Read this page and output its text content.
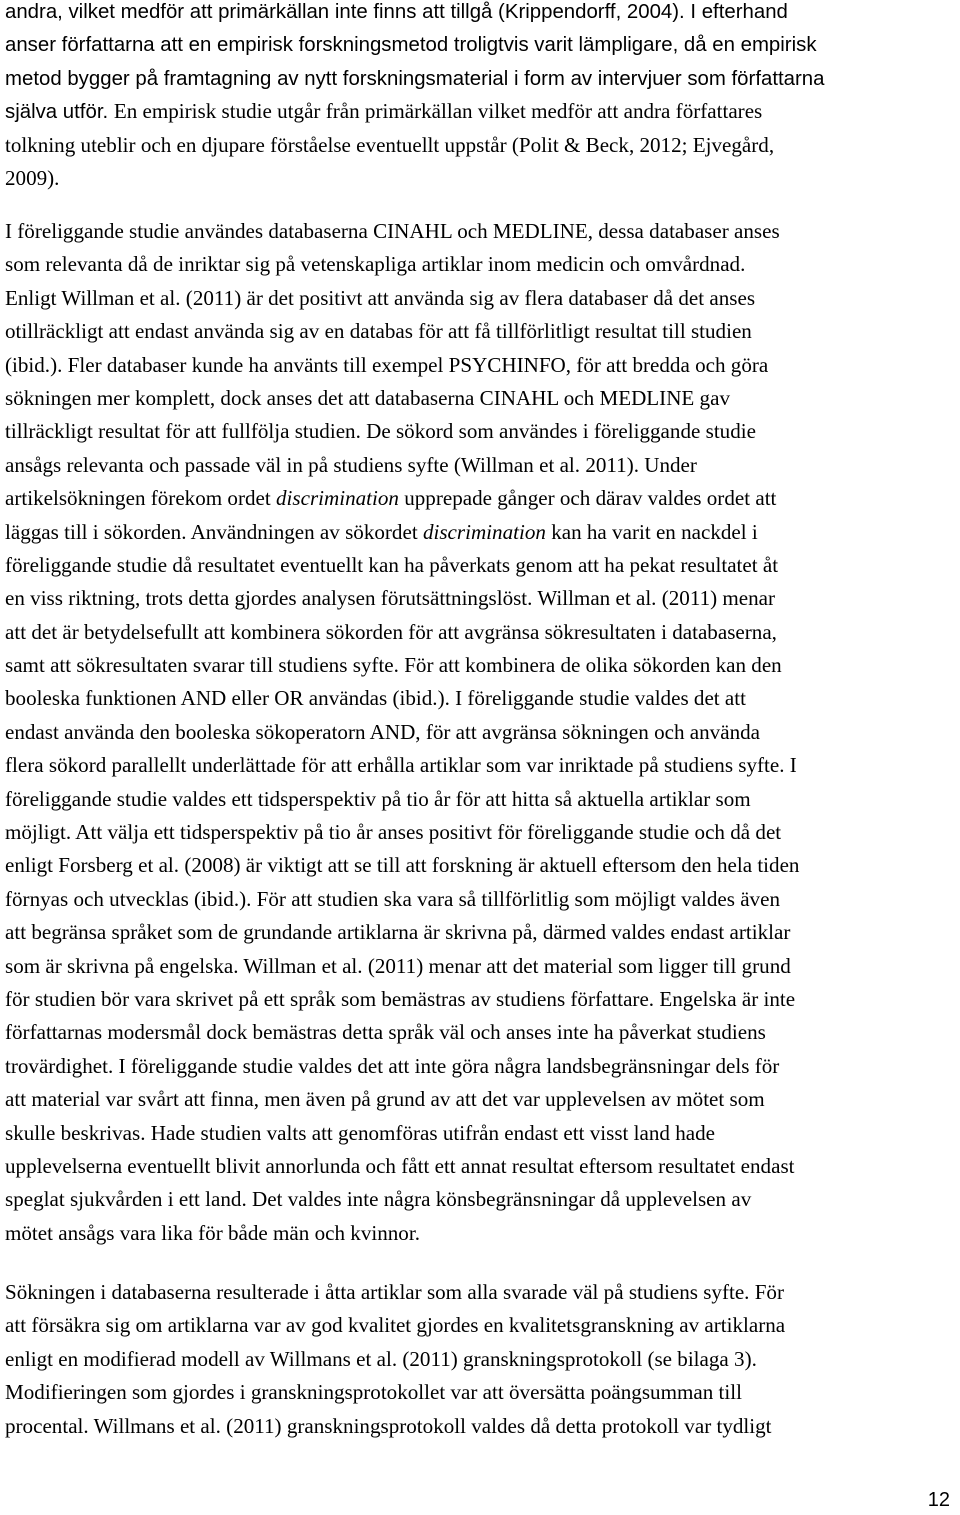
andra, vilket medför att primärkällan inte finns att tillgå (Krippendorff, 2004). I efterhand
anser författarna att en empirisk forskningsmetod troligtvis varit lämpligare, då en empirisk
metod bygger på framtagning av nytt forskningsmaterial i form av intervjuer som författarna
själva utför. En empirisk studie utgår från primärkällan vilket medför att andra författares
tolkning uteblir och en djupare förståelse eventuellt uppstår (Polit & Beck, 2012; Ejvegård,
2009).
I föreliggande studie användes databaserna CINAHL och MEDLINE, dessa databaser anses
som relevanta då de inriktar sig på vetenskapliga artiklar inom medicin och omvårdnad.
Enligt Willman et al. (2011) är det positivt att använda sig av flera databaser då det anses
otillräckligt att endast använda sig av en databas för att få tillförlitligt resultat till studien
(ibid.). Fler databaser kunde ha använts till exempel PSYCHINFO, för att bredda och göra
sökningen mer komplett, dock anses det att databaserna CINAHL och MEDLINE gav
tillräckligt resultat för att fullfölja studien. De sökord som användes i föreliggande studie
ansågs relevanta och passade väl in på studiens syfte (Willman et al. 2011). Under
artikelsökningen förekom ordet discrimination upprepade gånger och därav valdes ordet att
läggas till i sökorden. Användningen av sökordet discrimination kan ha varit en nackdel i
föreliggande studie då resultatet eventuellt kan ha påverkats genom att ha pekat resultatet åt
en viss riktning, trots detta gjordes analysen förutsättningslöst. Willman et al. (2011) menar
att det är betydelsefullt att kombinera sökorden för att avgränsa sökresultaten i databaserna,
samt att sökresultaten svarar till studiens syfte. För att kombinera de olika sökorden kan den
booleska funktionen AND eller OR användas (ibid.). I föreliggande studie valdes det att
endast använda den booleska sökoperatorn AND, för att avgränsa sökningen och använda
flera sökord parallellt underlättade för att erhålla artiklar som var inriktade på studiens syfte. I
föreliggande studie valdes ett tidsperspektiv på tio år för att hitta så aktuella artiklar som
möjligt. Att välja ett tidsperspektiv på tio år anses positivt för föreliggande studie och då det
enligt Forsberg et al. (2008) är viktigt att se till att forskning är aktuell eftersom den hela tiden
förnyas och utvecklas (ibid.). För att studien ska vara så tillförlitlig som möjligt valdes även
att begränsa språket som de grundande artiklarna är skrivna på, därmed valdes endast artiklar
som är skrivna på engelska. Willman et al. (2011) menar att det material som ligger till grund
för studien bör vara skrivet på ett språk som bemästras av studiens författare. Engelska är inte
författarnas modersmål dock bemästras detta språk väl och anses inte ha påverkat studiens
trovärdighet. I föreliggande studie valdes det att inte göra några landsbegränsningar dels för
att material var svårt att finna, men även på grund av att det var upplevelsen av mötet som
skulle beskrivas. Hade studien valts att genomföras utifrån endast ett visst land hade
upplevelserna eventuellt blivit annorlunda och fått ett annat resultat eftersom resultatet endast
speglat sjukvården i ett land. Det valdes inte några könsbegränsningar då upplevelsen av
mötet ansågs vara lika för både män och kvinnor.
Sökningen i databaserna resulterade i åtta artiklar som alla svarade väl på studiens syfte. För
att försäkra sig om artiklarna var av god kvalitet gjordes en kvalitetsgranskning av artiklarna
enligt en modifierad modell av Willmans et al. (2011) granskningsprotokoll (se bilaga 3).
Modifieringen som gjordes i granskningsprotokollet var att översätta poängsumman till
procental. Willmans et al. (2011) granskningsprotokoll valdes då detta protokoll var tydligt
12
